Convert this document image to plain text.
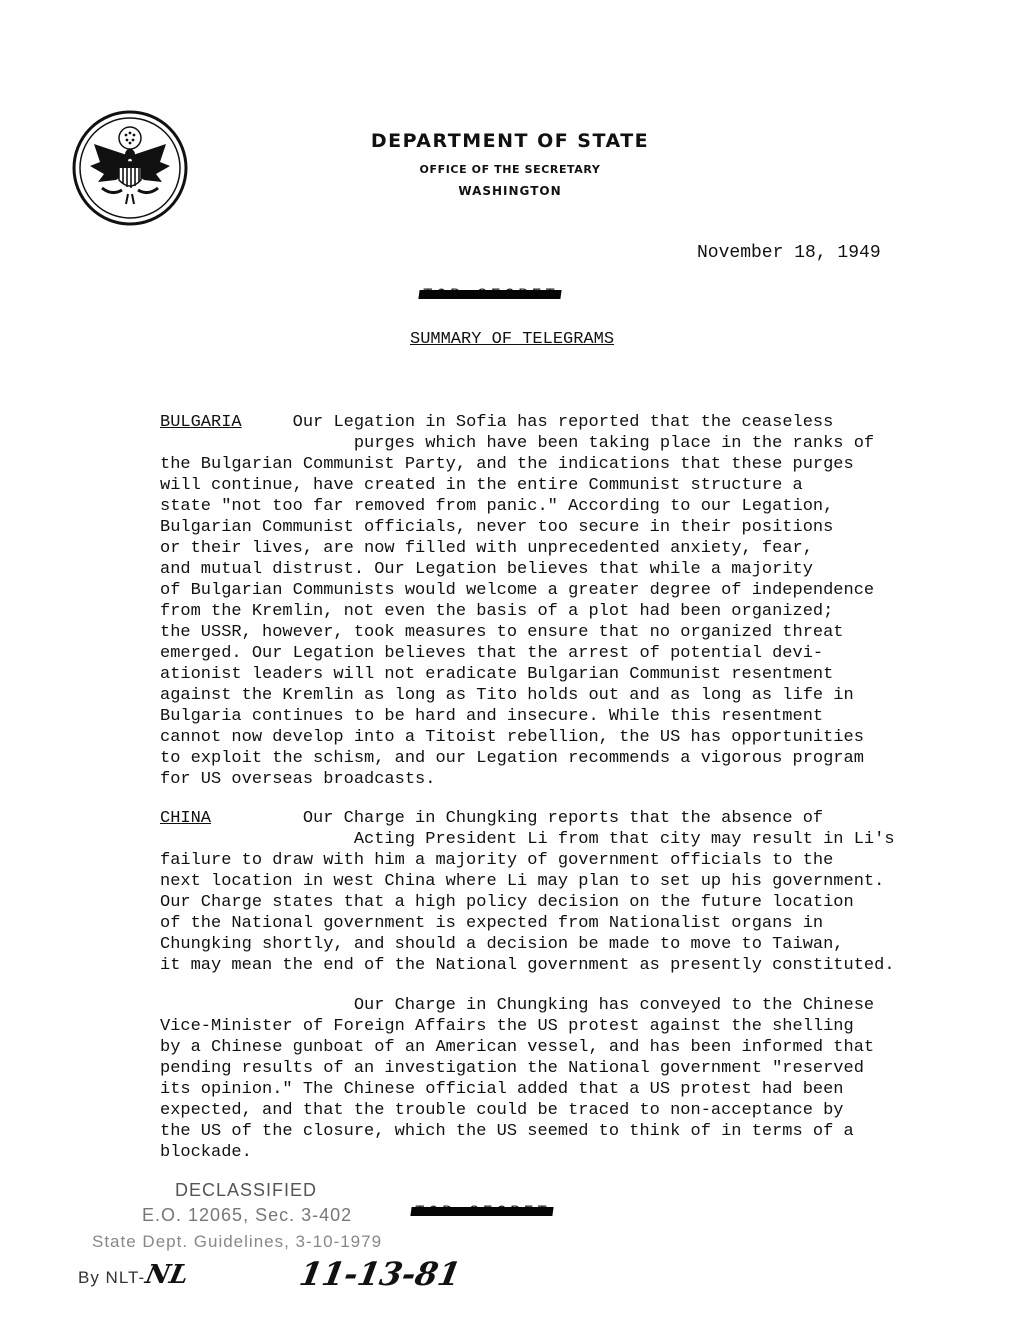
DEPARTMENT OF STATE
OFFICE OF THE SECRETARY
WASHINGTON
November 18, 1949
SUMMARY OF TELEGRAMS
BULGARIA	Our Legation in Sofia has reported that the ceaseless
purges which have been taking place in the ranks of
the Bulgarian Communist Party, and the indications that these purges
will continue, have created in the entire Communist structure a
state "not too far removed from panic." According to our Legation,
Bulgarian Communist officials, never too secure in their positions
or their lives, are now filled with unprecedented anxiety, fear,
and mutual distrust. Our Legation believes that while a majority
of Bulgarian Communists would welcome a greater degree of independence
from the Kremlin, not even the basis of a plot had been organized;
the USSR, however, took measures to ensure that no organized threat
emerged. Our Legation believes that the arrest of potential devi-
ationist leaders will not eradicate Bulgarian Communist resentment
against the Kremlin as long as Tito holds out and as long as life in
Bulgaria continues to be hard and insecure. While this resentment
cannot now develop into a Titoist rebellion, the US has opportunities
to exploit the schism, and our Legation recommends a vigorous program
for US overseas broadcasts.
CHINA	Our Charge in Chungking reports that the absence of
Acting President Li from that city may result in Li's
failure to draw with him a majority of government officials to the
next location in west China where Li may plan to set up his government.
Our Charge states that a high policy decision on the future location
of the National government is expected from Nationalist organs in
Chungking shortly, and should a decision be made to move to Taiwan,
it may mean the end of the National government as presently constituted.
Our Charge in Chungking has conveyed to the Chinese
Vice-Minister of Foreign Affairs the US protest against the shelling
by a Chinese gunboat of an American vessel, and has been informed that
pending results of an investigation the National government "reserved
its opinion." The Chinese official added that a US protest had been
expected, and that the trouble could be traced to non-acceptance by
the US of the closure, which the US seemed to think of in terms of a
blockade.
DECLASSIFIED
E.O. 12065, Sec. 3-402
State Dept. Guidelines, 3-10-1979
By NLT-
NL	11-13-81
